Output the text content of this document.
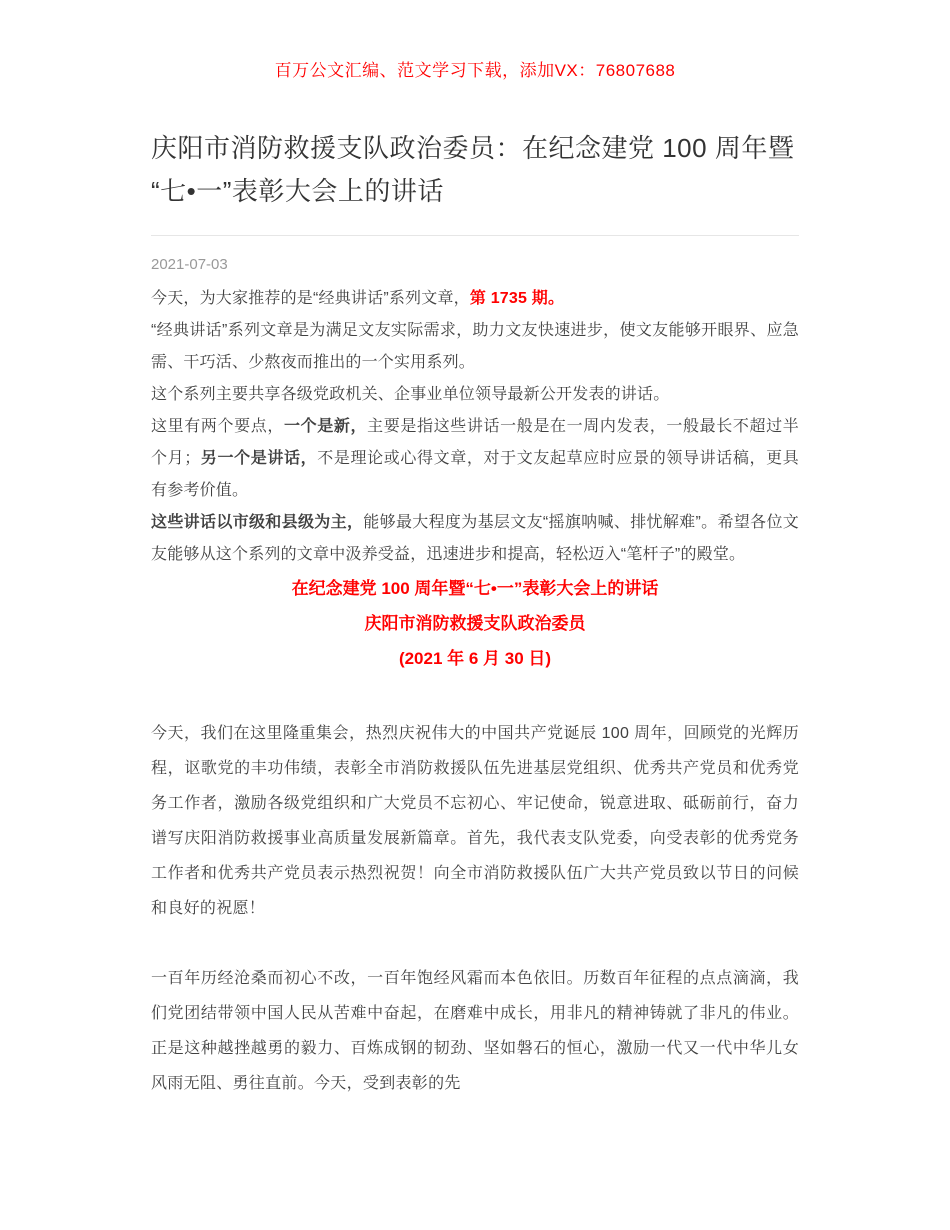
百万公文汇编、范文学习下载，添加VX：76807688
庆阳市消防救援支队政治委员：在纪念建党 100 周年暨“七•一”表彰大会上的讲话
2021-07-03

今天，为大家推荐的是“经典讲话”系列文章，第 1735 期。

“经典讲话”系列文章是为满足文友实际需求，助力文友快速进步，使文友能够开眼界、应急需、干巧活、少熬夜而推出的一个实用系列。

这个系列主要共享各级党政机关、企事业单位领导最新公开发表的讲话。

这里有两个要点，一个是新，主要是指这些讲话一般是在一周内发表，一般最长不超过半个月；另一个是讲话，不是理论或心得文章，对于文友起草应时应景的领导讲话稿，更具有参考价值。

这些讲话以市级和县级为主，能够最大程度为基层文友“摇旗呐喊、排忧解难”。希望各位文友能够从这个系列的文章中汲养受益，迅速进步和提高，轻松迈入“笔杆子”的殿堂。

在纪念建党 100 周年暨“七•一”表彰大会上的讲话

庆阳市消防救援支队政治委员

(2021 年 6 月 30 日)

今天，我们在这里隆重集会，热烈庆祝伟大的中国共产党诞辰 100 周年，回顾党的光辉历程，讴歌党的丰功伟绩，表彰全市消防救援队伍先进基层党组织、优秀共产党员和优秀党务工作者，激励各级党组织和广大党员不忘初心、牢记使命，锐意进取、砥砺前行，奋力谱写庆阳消防救援事业高质量发展新篇章。首先，我代表支队党委，向受表彰的优秀党务工作者和优秀共产党员表示热烈祝贺！向全市消防救援队伍广大共产党员致以节日的问候和良好的祝愿！

一百年历经沧桑而初心不改，一百年饱经风霜而本色依旧。历数百年征程的点点滴滴，我们党团结带领中国人民从苦难中奋起，在磨难中成长，用非凡的精神铸就了非凡的伟业。正是这种越挫越勇的毅力、百炼成钢的韧劲、坚如磐石的恒心，激励一代又一代中华儿女风雨无阻、勇往直前。今天，受到表彰的先
